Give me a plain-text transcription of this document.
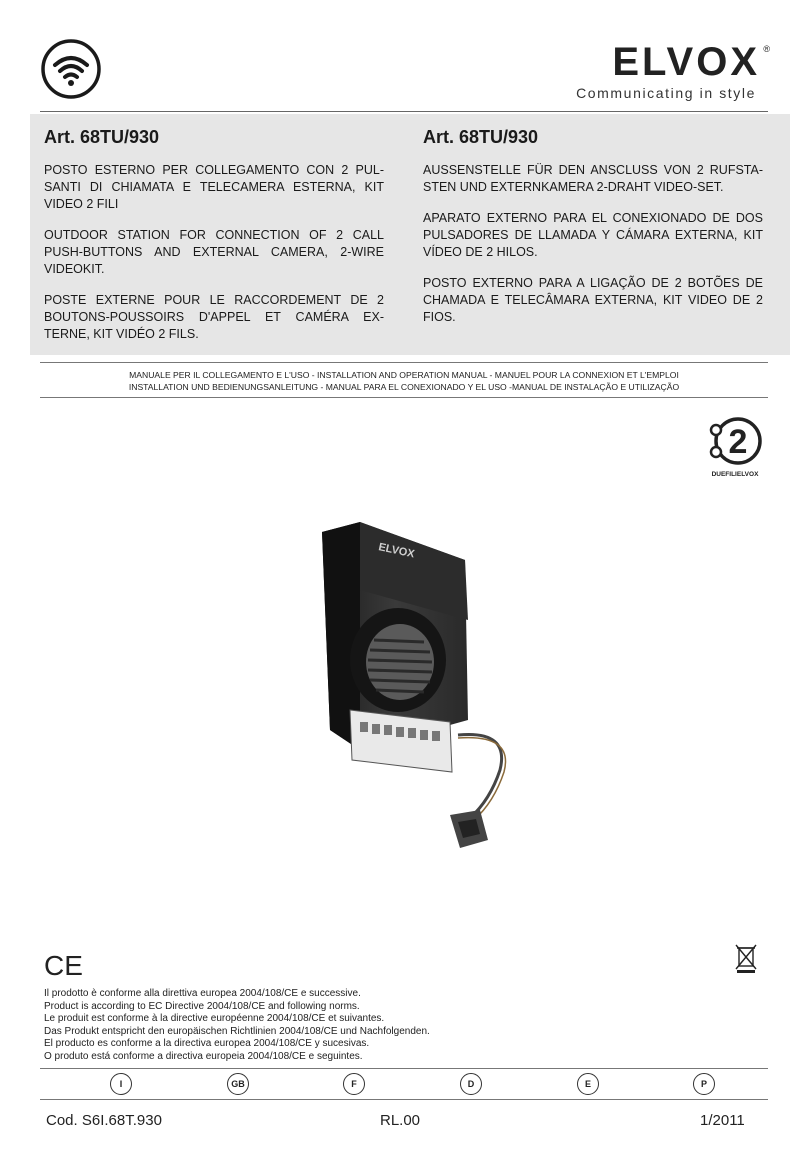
ELVOX ®
Communicating in style
Art. 68TU/930

POSTO ESTERNO PER COLLEGAMENTO CON 2 PUL-SANTI DI CHIAMATA E TELECAMERA ESTERNA, KIT VIDEO 2 FILI

OUTDOOR STATION FOR CONNECTION OF 2 CALL PUSH-BUTTONS AND EXTERNAL CAMERA, 2-WIRE VIDEOKIT.

POSTE EXTERNE POUR LE RACCORDEMENT DE 2 BOUTONS-POUSSOIRS D'APPEL ET CAMÉRA EX-TERNE, KIT VIDÉO 2 FILS.

Art. 68TU/930

AUSSENSTELLE FÜR DEN ANSCLUSS VON 2 RUFSTA-STEN UND EXTERNKAMERA 2-DRAHT VIDEO-SET.

APARATO EXTERNO PARA EL CONEXIONADO DE DOS PULSADORES DE LLAMADA Y CÁMARA EXTERNA, KIT VÍDEO DE 2 HILOS.

POSTO EXTERNO PARA A LIGAÇÃO DE 2 BOTÕES DE CHAMADA E TELECÂMARA EXTERNA, KIT VIDEO DE 2 FIOS.

MANUALE PER IL COLLEGAMENTO E L'USO - INSTALLATION AND OPERATION MANUAL - MANUEL POUR LA CONNEXION ET L'EMPLOI
INSTALLATION UND BEDIENUNGSANLEITUNG - MANUAL PARA EL CONEXIONADO Y EL USO -MANUAL DE INSTALAÇÃO E UTILIZAÇÃO
2
DUEFILIELVOX
ELVOX
CE
Il prodotto è conforme alla direttiva europea 2004/108/CE e successive.
Product is according to EC Directive 2004/108/CE and following norms.
Le produit est conforme à la directive européenne 2004/108/CE et suivantes.
Das Produkt entspricht den europäischen Richtlinien 2004/108/CE und Nachfolgenden.
El producto es conforme a la directiva europea 2004/108/CE y sucesivas.
O produto está conforme a directiva europeia 2004/108/CE e seguintes.
I	GB	F	D	E	P
Cod. S6I.68T.930	RL.00	1/2011
